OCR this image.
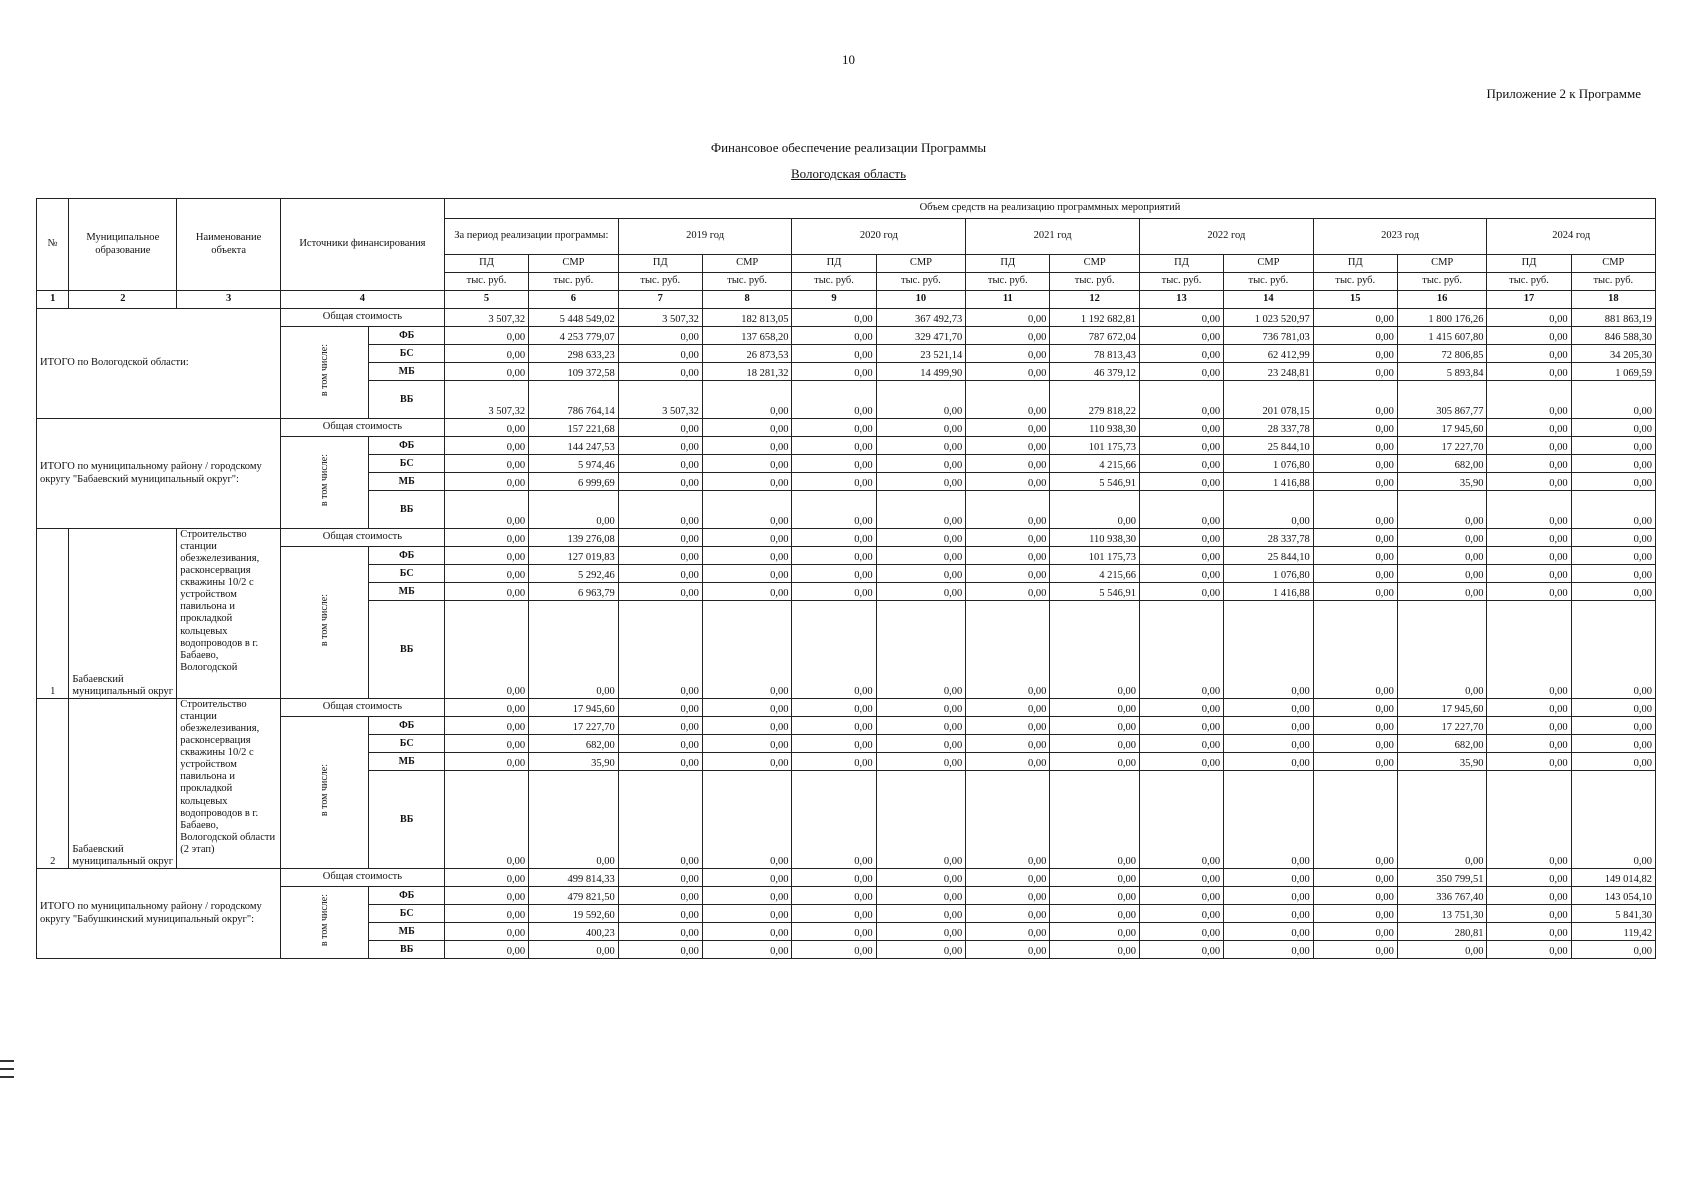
10
Приложение 2 к Программе
Финансовое обеспечение реализации Программы
Вологодская область
№	Муниципальное образование	Наименование объекта	Источники финансирования		Объем средств на реализацию программных мероприятий													
					За период реализации программы:		2019 год		2020 год		2021 год		2022 год		2023 год		2024 год	
					ПД	СМР	ПД	СМР	ПД	СМР	ПД	СМР	ПД	СМР	ПД	СМР	ПД	СМР
					тыс. руб.	тыс. руб.	тыс. руб.	тыс. руб.	тыс. руб.	тыс. руб.	тыс. руб.	тыс. руб.	тыс. руб.	тыс. руб.	тыс. руб.	тыс. руб.	тыс. руб.	тыс. руб.
1	2	3	4		5	6	7	8	9	10	11	12	13	14	15	16	17	18
ИТОГО по Вологодской области:			Общая стоимость		3 507,32	5 448 549,02	3 507,32	182 813,05	0,00	367 492,73	0,00	1 192 682,81	0,00	1 023 520,97	0,00	1 800 176,26	0,00	881 863,19
			в том числе:	ФБ	0,00	4 253 779,07	0,00	137 658,20	0,00	329 471,70	0,00	787 672,04	0,00	736 781,03	0,00	1 415 607,80	0,00	846 588,30
				БС	0,00	298 633,23	0,00	26 873,53	0,00	23 521,14	0,00	78 813,43	0,00	62 412,99	0,00	72 806,85	0,00	34 205,30
				МБ	0,00	109 372,58	0,00	18 281,32	0,00	14 499,90	0,00	46 379,12	0,00	23 248,81	0,00	5 893,84	0,00	1 069,59
				ВБ	3 507,32	786 764,14	3 507,32	0,00	0,00	0,00	0,00	279 818,22	0,00	201 078,15	0,00	305 867,77	0,00	0,00
ИТОГО по муниципальному району / городскому округу "Бабаевский муниципальный округ":			Общая стоимость		0,00	157 221,68	0,00	0,00	0,00	0,00	0,00	110 938,30	0,00	28 337,78	0,00	17 945,60	0,00	0,00
			в том числе:	ФБ	0,00	144 247,53	0,00	0,00	0,00	0,00	0,00	101 175,73	0,00	25 844,10	0,00	17 227,70	0,00	0,00
				БС	0,00	5 974,46	0,00	0,00	0,00	0,00	0,00	4 215,66	0,00	1 076,80	0,00	682,00	0,00	0,00
				МБ	0,00	6 999,69	0,00	0,00	0,00	0,00	0,00	5 546,91	0,00	1 416,88	0,00	35,90	0,00	0,00
				ВБ	0,00	0,00	0,00	0,00	0,00	0,00	0,00	0,00	0,00	0,00	0,00	0,00	0,00	0,00
1	Бабаевский муниципальный округ	Строительство станции обезжелезивания, расконсервация скважины 10/2 с устройством павильона и прокладкой кольцевых водопроводов в г. Бабаево, Вологодской	Общая стоимость		0,00	139 276,08	0,00	0,00	0,00	0,00	0,00	110 938,30	0,00	28 337,78	0,00	0,00	0,00	0,00
			в том числе:	ФБ	0,00	127 019,83	0,00	0,00	0,00	0,00	0,00	101 175,73	0,00	25 844,10	0,00	0,00	0,00	0,00
				БС	0,00	5 292,46	0,00	0,00	0,00	0,00	0,00	4 215,66	0,00	1 076,80	0,00	0,00	0,00	0,00
				МБ	0,00	6 963,79	0,00	0,00	0,00	0,00	0,00	5 546,91	0,00	1 416,88	0,00	0,00	0,00	0,00
				ВБ	0,00	0,00	0,00	0,00	0,00	0,00	0,00	0,00	0,00	0,00	0,00	0,00	0,00	0,00
2	Бабаевский муниципальный округ	Строительство станции обезжелезивания, расконсервация скважины 10/2 с устройством павильона и прокладкой кольцевых водопроводов в г. Бабаево, Вологодской области (2 этап)	Общая стоимость		0,00	17 945,60	0,00	0,00	0,00	0,00	0,00	0,00	0,00	0,00	0,00	17 945,60	0,00	0,00
			в том числе:	ФБ	0,00	17 227,70	0,00	0,00	0,00	0,00	0,00	0,00	0,00	0,00	0,00	17 227,70	0,00	0,00
				БС	0,00	682,00	0,00	0,00	0,00	0,00	0,00	0,00	0,00	0,00	0,00	682,00	0,00	0,00
				МБ	0,00	35,90	0,00	0,00	0,00	0,00	0,00	0,00	0,00	0,00	0,00	35,90	0,00	0,00
				ВБ	0,00	0,00	0,00	0,00	0,00	0,00	0,00	0,00	0,00	0,00	0,00	0,00	0,00	0,00
ИТОГО по муниципальному району / городскому округу "Бабушкинский муниципальный округ":			Общая стоимость		0,00	499 814,33	0,00	0,00	0,00	0,00	0,00	0,00	0,00	0,00	0,00	350 799,51	0,00	149 014,82
			в том числе:	ФБ	0,00	479 821,50	0,00	0,00	0,00	0,00	0,00	0,00	0,00	0,00	0,00	336 767,40	0,00	143 054,10
				БС	0,00	19 592,60	0,00	0,00	0,00	0,00	0,00	0,00	0,00	0,00	0,00	13 751,30	0,00	5 841,30
				МБ	0,00	400,23	0,00	0,00	0,00	0,00	0,00	0,00	0,00	0,00	0,00	280,81	0,00	119,42
				ВБ	0,00	0,00	0,00	0,00	0,00	0,00	0,00	0,00	0,00	0,00	0,00	0,00	0,00	0,00
